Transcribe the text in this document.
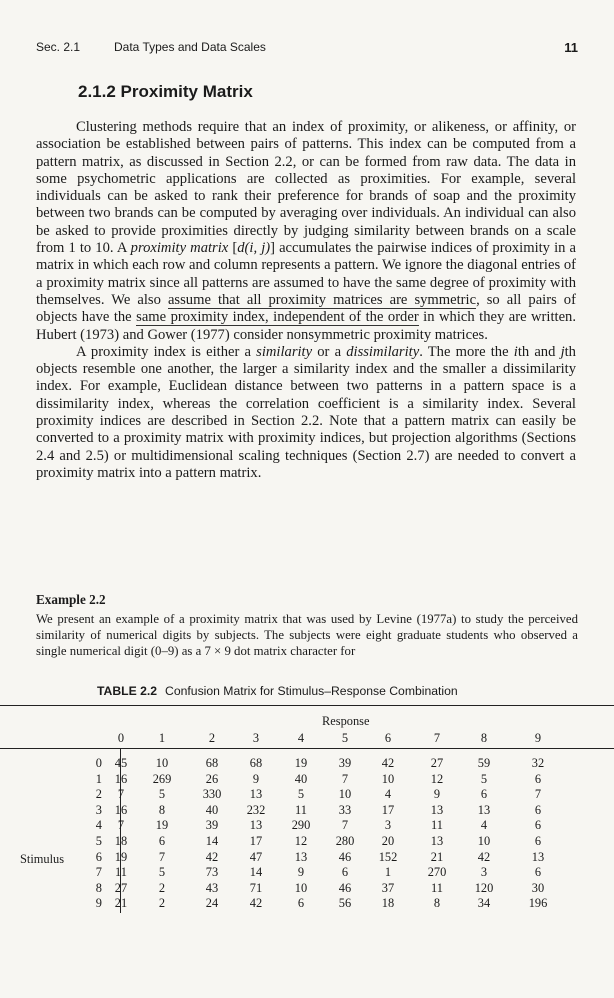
Sec. 2.1	Data Types and Data Scales	11
2.1.2 Proximity Matrix

Clustering methods require that an index of proximity, or alikeness, or affinity, or association be established between pairs of patterns. This index can be computed from a pattern matrix, as discussed in Section 2.2, or can be formed from raw data. The data in some psychometric applications are collected as proximities. For example, several individuals can be asked to rank their preference for brands of soap and the proximity between two brands can be computed by averaging over individuals. An individual can also be asked to provide proximities directly by judging similarity between brands on a scale from 1 to 10. A proximity matrix [d(i, j)] accumulates the pairwise indices of proximity in a matrix in which each row and column represents a pattern. We ignore the diagonal entries of a proximity matrix since all patterns are assumed to have the same degree of proximity with themselves. We also assume that all proximity matrices are symmetric, so all pairs of objects have the same proximity index, independent of the order in which they are written. Hubert (1973) and Gower (1977) consider nonsymmetric proximity matrices.

A proximity index is either a similarity or a dissimilarity. The more the ith and jth objects resemble one another, the larger a similarity index and the smaller a dissimilarity index. For example, Euclidean distance between two patterns in a pattern space is a dissimilarity index, whereas the correlation coefficient is a similarity index. Several proximity indices are described in Section 2.2. Note that a pattern matrix can easily be converted to a proximity matrix with proximity indices, but projection algorithms (Sections 2.4 and 2.5) or multidimensional scaling techniques (Section 2.7) are needed to convert a proximity matrix into a pattern matrix.

Example 2.2

We present an example of a proximity matrix that was used by Levine (1977a) to study the perceived similarity of numerical digits by subjects. The subjects were eight graduate students who observed a single numerical digit (0–9) as a 7 × 9 dot matrix character for

TABLE 2.2 Confusion Matrix for Stimulus–Response Combination
Response
Stimulus
0	1	2	3	4	5	6	7	8	9
0	45	10	68	68	19	39	42	27	59	32
1	16	269	26	9	40	7	10	12	5	6
2	7	5	330	13	5	10	4	9	6	7
3	16	8	40	232	11	33	17	13	13	6
4	7	19	39	13	290	7	3	11	4	6
5	18	6	14	17	12	280	20	13	10	6
6	19	7	42	47	13	46	152	21	42	13
7	11	5	73	14	9	6	1	270	3	6
8	27	2	43	71	10	46	37	11	120	30
9	21	2	24	42	6	56	18	8	34	196
